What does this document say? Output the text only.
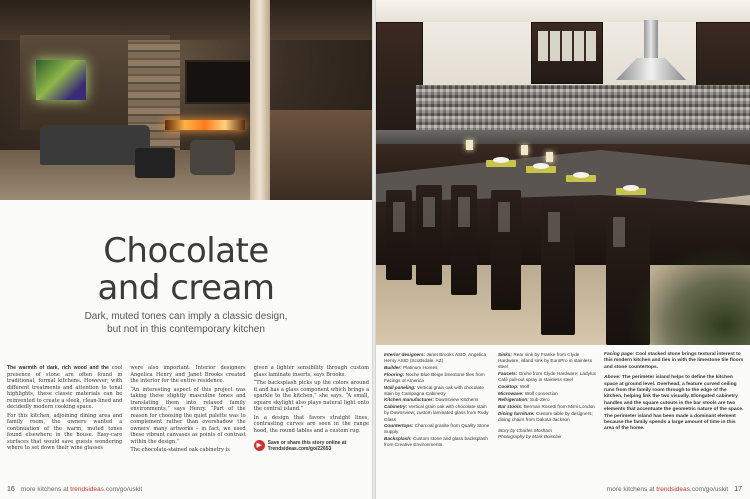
Chocolate
and cream
Dark, muted tones can imply a classic design,
but not in this contemporary kitchen

The warmth of dark, rich wood and the cool presence of stone are often found in traditional, formal kitchens. However, with different treatments and attention to tonal highlights, these classic materials can be reinvented to create a sleek, clean-lined and decidedly modern cooking space.

For this kitchen, adjoining dining area and family room, the owners wanted a continuation of the warm, muted tones found elsewhere in the house. Easy-care surfaces that would save guests wondering where to set down their wine glasses

were also important. Interior designers Angelica Henry and Janet Brooks created the interior for the entire residence.

“An interesting aspect of this project was taking these slightly masculine tones and translating them into relaxed family environments,” says Henry. “Part of the reason for choosing the quiet palette was to complement rather than overshadow the owners' many artworks – in fact, we used these vibrant canvases as points of contrast within the design.”

The chocolate-stained oak cabinetry is

given a lighter sensibility through custom glass laminate inserts, says Brooks.

“The backsplash picks up the colors around it and has a glass component which brings a sparkle to the kitchen,” she says. “A small, square skylight also plays natural light onto the central island.”

In a design that favors straight lines, contrasting curves are seen in the range hood, the round tables and a custom rug.

▶	Save or share this story online at
Trendsideas.com/go/22653
16 more kitchens at trendsideas.com/go/uskit
Interior designers: Janet Brooks ASID, Angelica Henry ASID (Scottsdale, AZ)
Builder: Platinum Homes
Flooring: Noche Blue Beige limestone tiles from Facings of America
Wall paneling: Vertical grain oak with chocolate stain by Campagna Cabinetry
Kitchen manufacturer: Downsview Kitchens
Cabinetry: Vertical grain oak with chocolate stain by Downsview; custom laminated glass from Rudy Glass
Countertops: Charcoal granite from Quality Stone Supply
Backsplash: Custom stone and glass backsplash from Creative Environments
Sinks: Rear sink by Franke from Clyde Hardware, island sink by EuroPro in stainless steel
Faucets: Grohe from Clyde Hardware; Ladylux Café pull-out spray in stainless steel
Cooktop: Wolf
Microwave: Wolf convection
Refrigeration: Sub-Zero
Bar stools: Berman Rosetti from Mimi London
Dining furniture: Custom table by designers; dining chairs from Dakota Jackson
Story by Charles Mosham
Photography by Mark Boisclair

Facing page: Cool stacked stone brings textural interest to this modern kitchen and ties in with the limestone tile floors and stone countertops.

Above: The perimeter island helps to define the kitchen space at ground level. Overhead, a feature curved ceiling runs from the family room through to the edge of the kitchen, helping link the two visually. Elongated cabinetry handles and the square cutouts in the bar stools are two elements that accentuate the geometric nature of the space. The perimeter island has been made a dominant element because the family spends a large amount of time in this area of the home.

more kitchens at trendsideas.com/go/uskit 17
